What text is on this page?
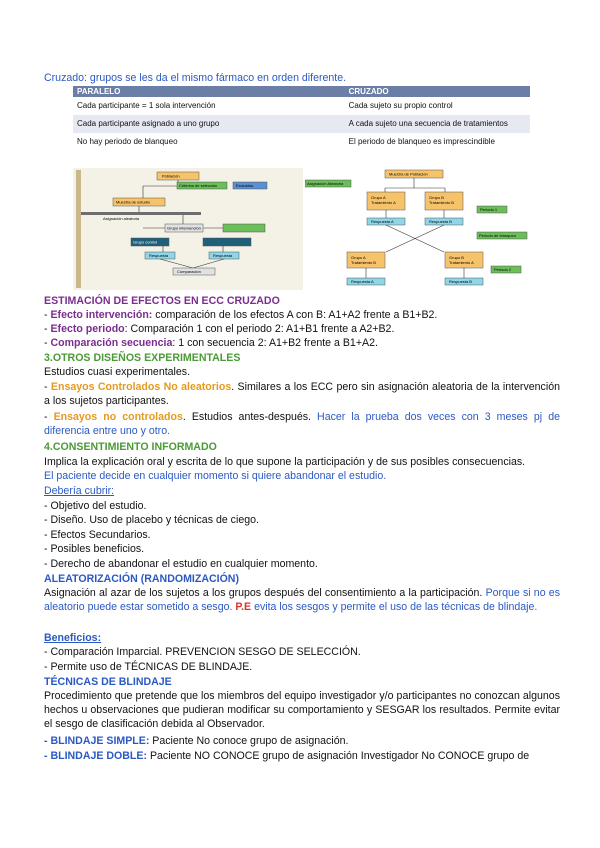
Cruzado: grupos se les da el mismo fármaco en orden diferente.
PARALELO	CRUZADO
Cada participante = 1 sola intervención	Cada sujeto su propio control
Cada participante asignado a uno grupo	A cada sujeto una secuencia de tratamientos
No hay periodo de blanqueo	El periodo de blanqueo es imprescindible
Población
Criterios de selección	Excluidos
Muestra de estudio
Asignación aleatoria
Grupo intervención
Grupo control
Respuesta	Respuesta
Comparación
Muestra de Población
Asignación Aleatoria
Grupo A Tratamiento A
Grupo B Tratamiento B
Periodo 1
Respuesta A	Respuesta B
Periodo de blanqueo
Grupo A Tratamiento B
Grupo B Tratamiento A
Periodo 2
Respuesta A	Respuesta B
ESTIMACIÓN DE EFECTOS EN ECC CRUZADO
- Efecto intervención: comparación de los efectos A con B: A1+A2 frente a B1+B2.
- Efecto periodo: Comparación 1 con el periodo 2: A1+B1 frente a A2+B2.
- Comparación secuencia: 1 con secuencia 2: A1+B2 frente a B1+A2.
3.OTROS DISEÑOS EXPERIMENTALES
Estudios cuasi experimentales.
- Ensayos Controlados No aleatorios. Similares a los ECC pero sin asignación aleatoria de la intervención a los sujetos participantes.
- Ensayos no controlados. Estudios antes-después. Hacer la prueba dos veces con 3 meses pj de diferencia entre uno y otro.
4.CONSENTIMIENTO INFORMADO
Implica la explicación oral y escrita de lo que supone la participación y de sus posibles consecuencias.
El paciente decide en cualquier momento si quiere abandonar el estudio.
Debería cubrir:
- Objetivo del estudio.
- Diseño. Uso de placebo y técnicas de ciego.
- Efectos Secundarios.
- Posibles beneficios.
- Derecho de abandonar el estudio en cualquier momento.
ALEATORIZACIÓN (RANDOMIZACIÓN)
Asignación al azar de los sujetos a los grupos después del consentimiento a la participación. Porque si no es aleatorio puede estar sometido a sesgo. P.E evita los sesgos y permite el uso de las técnicas de blindaje.
Beneficios:
- Comparación Imparcial. PREVENCION SESGO DE SELECCIÓN.
- Permite uso de TÉCNICAS DE BLINDAJE.
TÉCNICAS DE BLINDAJE
Procedimiento que pretende que los miembros del equipo investigador y/o participantes no conozcan algunos hechos u observaciones que pudieran modificar su comportamiento y SESGAR los resultados. Permite evitar el sesgo de clasificación debida al Observador.
- BLINDAJE SIMPLE: Paciente No conoce grupo de asignación.
- BLINDAJE DOBLE: Paciente NO CONOCE grupo de asignación Investigador No CONOCE grupo de
